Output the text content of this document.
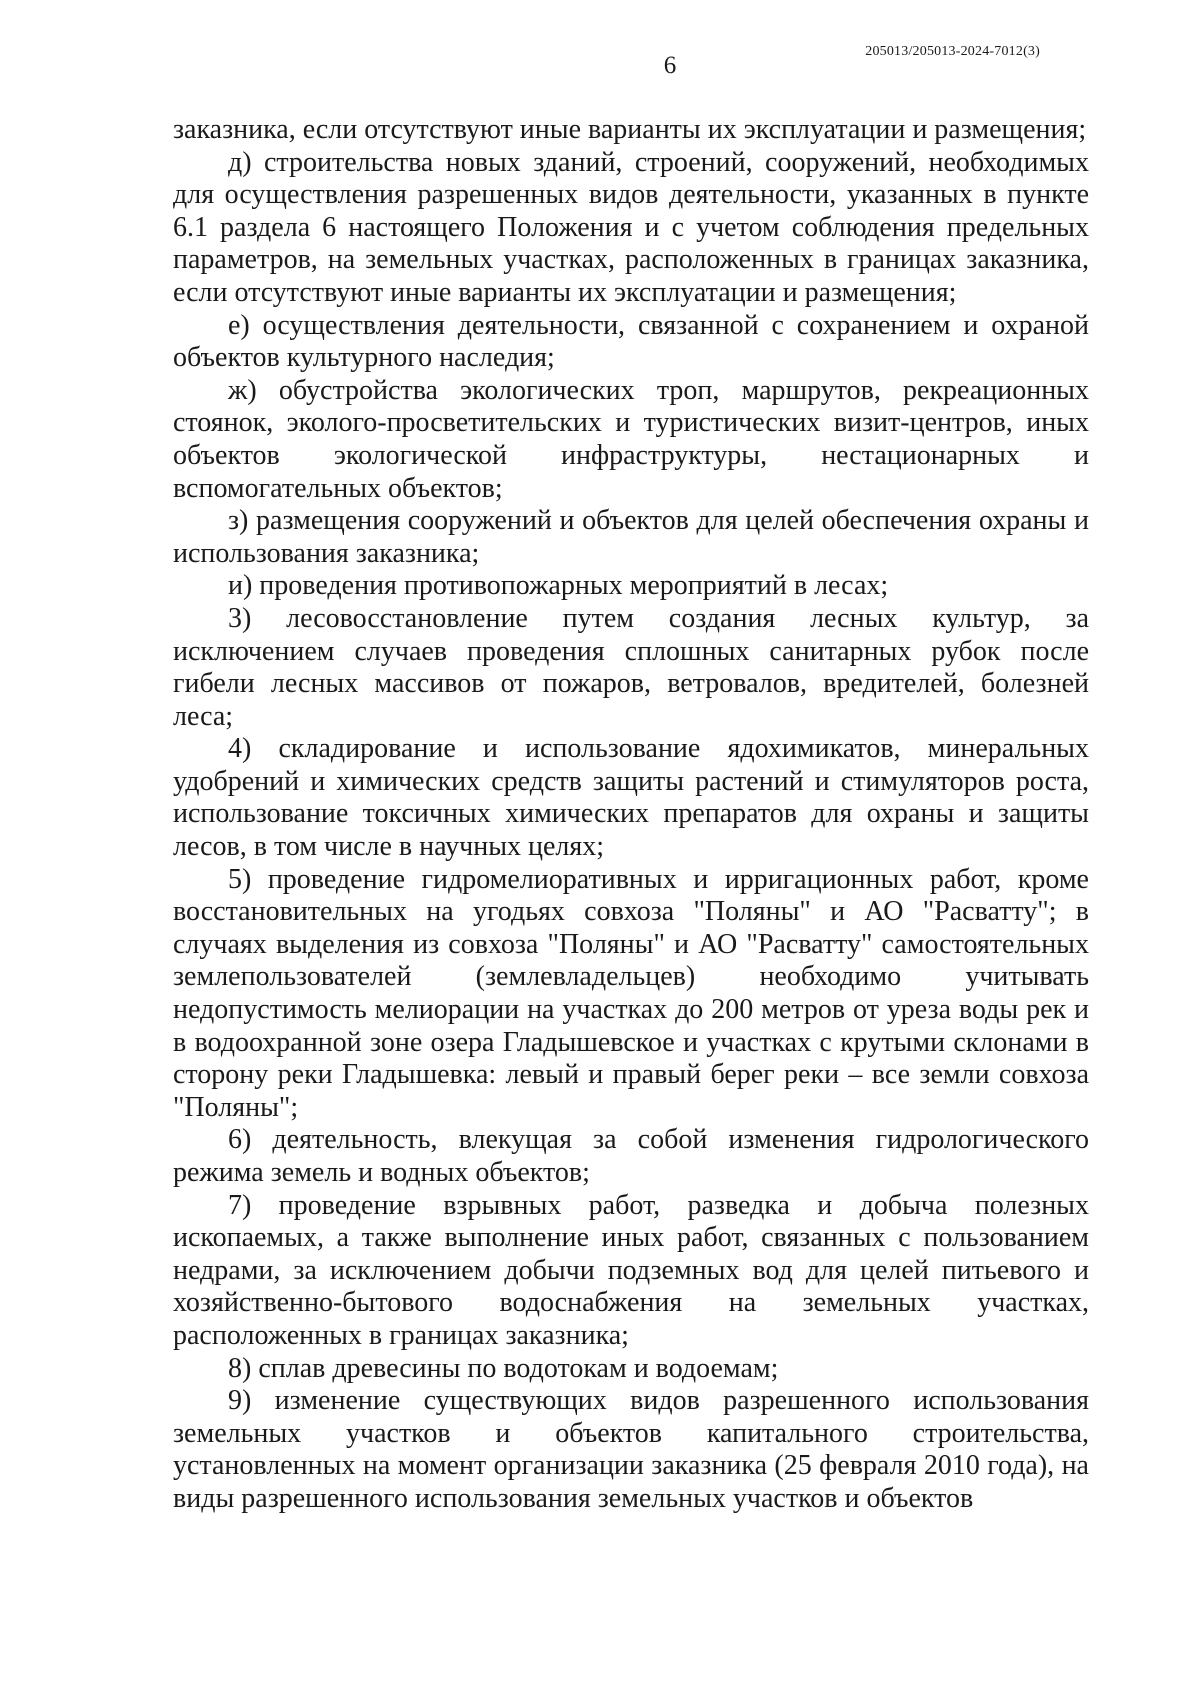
205013/205013-2024-7012(3)
6

заказника, если отсутствуют иные варианты их эксплуатации и размещения;

д) строительства новых зданий, строений, сооружений, необходимых для осуществления разрешенных видов деятельности, указанных в пункте 6.1 раздела 6 настоящего Положения и с учетом соблюдения предельных параметров, на земельных участках, расположенных в границах заказника, если отсутствуют иные варианты их эксплуатации и размещения;

е) осуществления деятельности, связанной с сохранением и охраной объектов культурного наследия;

ж) обустройства экологических троп, маршрутов, рекреационных стоянок, эколого-просветительских и туристических визит-центров, иных объектов экологической инфраструктуры, нестационарных и вспомогательных объектов;

з) размещения сооружений и объектов для целей обеспечения охраны и использования заказника;

и) проведения противопожарных мероприятий в лесах;

3) лесовосстановление путем создания лесных культур, за исключением случаев проведения сплошных санитарных рубок после гибели лесных массивов от пожаров, ветровалов, вредителей, болезней леса;

4) складирование и использование ядохимикатов, минеральных удобрений и химических средств защиты растений и стимуляторов роста, использование токсичных химических препаратов для охраны и защиты лесов, в том числе в научных целях;

5) проведение гидромелиоративных и ирригационных работ, кроме восстановительных на угодьях совхоза "Поляны" и АО "Расватту"; в случаях выделения из совхоза "Поляны" и АО "Расватту" самостоятельных землепользователей (землевладельцев) необходимо учитывать недопустимость мелиорации на участках до 200 метров от уреза воды рек и в водоохранной зоне озера Гладышевское и участках с крутыми склонами в сторону реки Гладышевка: левый и правый берег реки – все земли совхоза "Поляны";

6) деятельность, влекущая за собой изменения гидрологического режима земель и водных объектов;

7) проведение взрывных работ, разведка и добыча полезных ископаемых, а также выполнение иных работ, связанных с пользованием недрами, за исключением добычи подземных вод для целей питьевого и хозяйственно-бытового водоснабжения на земельных участках, расположенных в границах заказника;

8) сплав древесины по водотокам и водоемам;

9) изменение существующих видов разрешенного использования земельных участков и объектов капитального строительства, установленных на момент организации заказника (25 февраля 2010 года), на виды разрешенного использования земельных участков и объектов
